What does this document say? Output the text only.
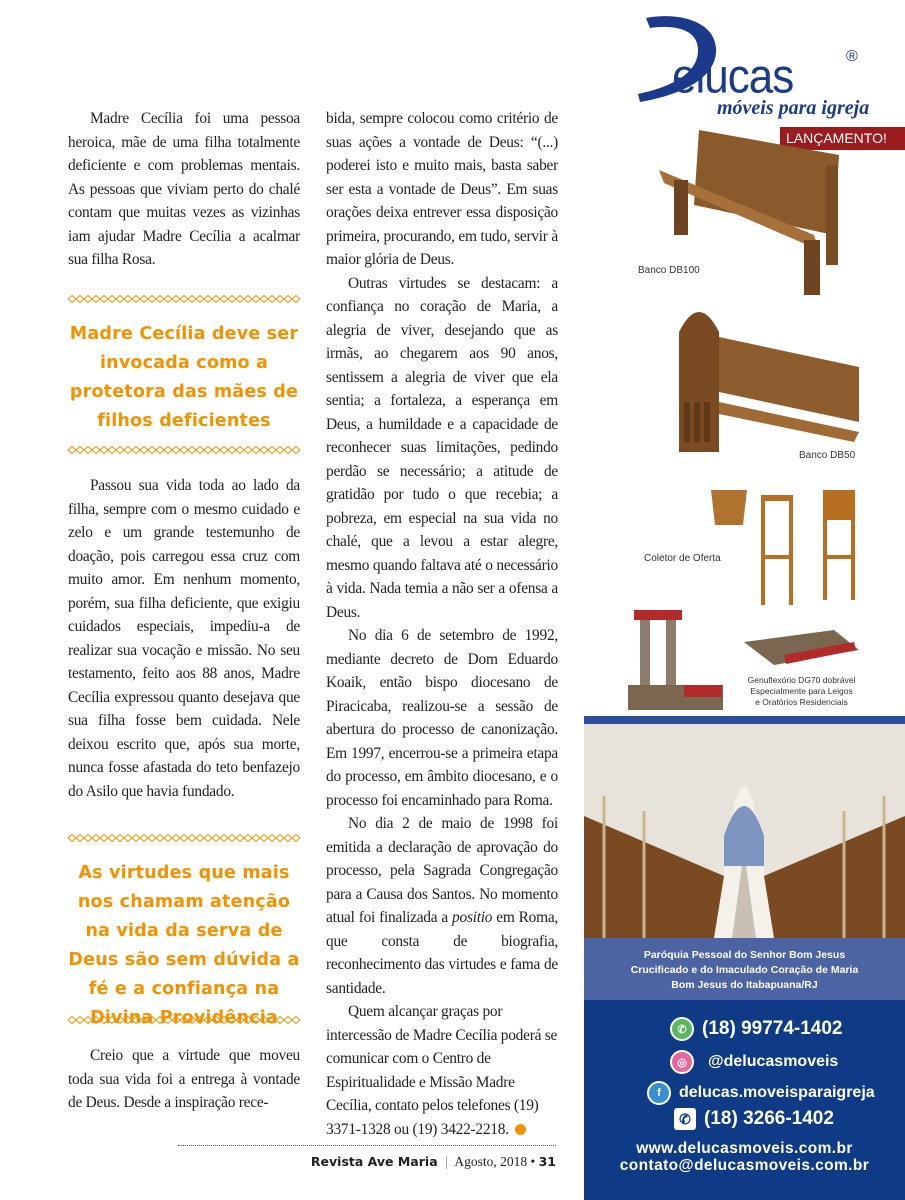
Madre Cecília foi uma pessoa heroica, mãe de uma filha totalmente deficiente e com problemas mentais. As pessoas que viviam perto do chalé contam que muitas vezes as vizinhas iam ajudar Madre Cecília a acalmar sua filha Rosa.

Madre Cecília deve ser invocada como a protetora das mães de filhos deficientes

Passou sua vida toda ao lado da filha, sempre com o mesmo cuidado e zelo e um grande testemunho de doação, pois carregou essa cruz com muito amor. Em nenhum momento, porém, sua filha deficiente, que exigiu cuidados especiais, impediu-a de realizar sua vocação e missão. No seu testamento, feito aos 88 anos, Madre Cecília expressou quanto desejava que sua filha fosse bem cuidada. Nele deixou escrito que, após sua morte, nunca fosse afastada do teto benfazejo do Asilo que havia fundado.

As virtudes que mais nos chamam atenção na vida da serva de Deus são sem dúvida a fé e a confiança na Divina Providência

Creio que a virtude que moveu toda sua vida foi a entrega à vontade de Deus. Desde a inspiração rece-

bida, sempre colocou como critério de suas ações a vontade de Deus: “(...) poderei isto e muito mais, basta saber ser esta a vontade de Deus”. Em suas orações deixa entrever essa disposição primeira, procurando, em tudo, servir à maior glória de Deus.

Outras virtudes se destacam: a confiança no coração de Maria, a alegria de viver, desejando que as irmãs, ao chegarem aos 90 anos, sentissem a alegria de viver que ela sentia; a fortaleza, a esperança em Deus, a humildade e a capacidade de reconhecer suas limitações, pedindo perdão se necessário; a atitude de gratidão por tudo o que recebia; a pobreza, em especial na sua vida no chalé, que a levou a estar alegre, mesmo quando faltava até o necessário à vida. Nada temia a não ser a ofensa a Deus.

No dia 6 de setembro de 1992, mediante decreto de Dom Eduardo Koaik, então bispo diocesano de Piracicaba, realizou-se a sessão de abertura do processo de canonização. Em 1997, encerrou-se a primeira etapa do processo, em âmbito diocesano, e o processo foi encaminhado para Roma.

No dia 2 de maio de 1998 foi emitida a declaração de aprovação do processo, pela Sagrada Congregação para a Causa dos Santos. No momento atual foi finalizada a positio em Roma, que consta de biografia, reconhecimento das virtudes e fama de santidade.

Quem alcançar graças por intercessão de Madre Cecília poderá se comunicar com o Centro de Espiritualidade e Missão Madre Cecília, contato pelos telefones (19) 3371-1328 ou (19) 3422-2218.

Revista Ave Maria | Agosto, 2018 • 31
elucas	®
móveis para igreja
LANÇAMENTO!
Banco DB100
Banco DB50
Coletor de Oferta
Genuflexório DG70 dobrável
Especialmente para Leigos
e Oratórios Residenciais
Paróquia Pessoal do Senhor Bom Jesus
Crucificado e do Imaculado Coração de Maria
Bom Jesus do Itabapuana/RJ
✆ (18) 99774-1402
◎	@delucasmoveis
f	delucas.moveisparaigreja
✆ (18) 3266-1402
www.delucasmoveis.com.br
contato@delucasmoveis.com.br
